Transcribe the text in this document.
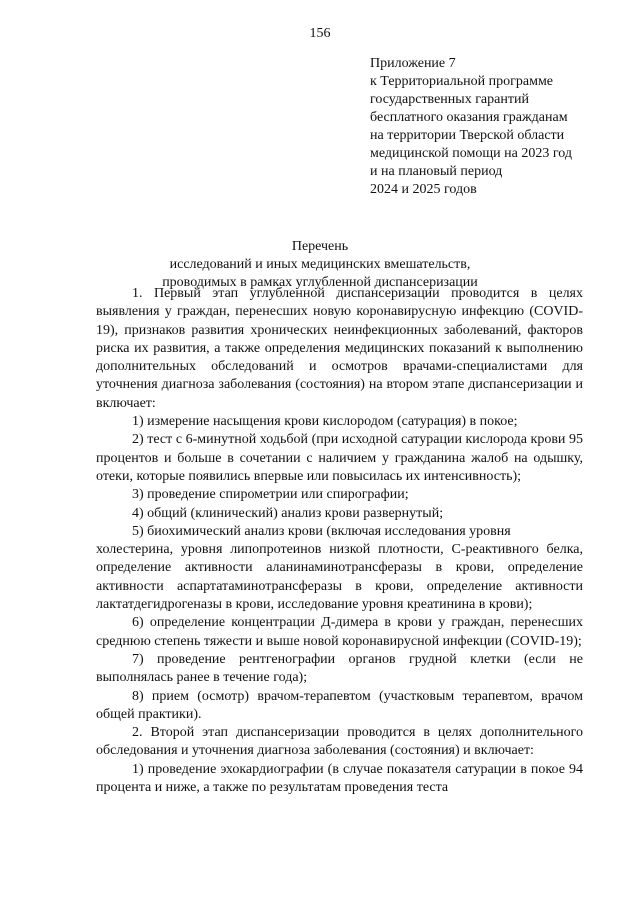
156
Приложение 7
к Территориальной программе
государственных гарантий
бесплатного оказания гражданам
на территории Тверской области
медицинской помощи на 2023 год
и на плановый период
2024 и 2025 годов
Перечень
исследований и иных медицинских вмешательств,
проводимых в рамках углубленной диспансеризации

1. Первый этап углубленной диспансеризации проводится в целях выявления у граждан, перенесших новую коронавирусную инфекцию (COVID-19), признаков развития хронических неинфекционных заболеваний, факторов риска их развития, а также определения медицинских показаний к выполнению дополнительных обследований и осмотров врачами-специалистами для уточнения диагноза заболевания (состояния) на втором этапе диспансеризации и включает:

1) измерение насыщения крови кислородом (сатурация) в покое;

2) тест с 6-минутной ходьбой (при исходной сатурации кислорода крови 95 процентов и больше в сочетании с наличием у гражданина жалоб на одышку, отеки, которые появились впервые или повысилась их интенсивность);

3) проведение спирометрии или спирографии;

4) общий (клинический) анализ крови развернутый;

5) биохимический анализ крови (включая исследования уровня

холестерина, уровня липопротеинов низкой плотности, С-реактивного белка, определение активности аланинаминотрансферазы в крови, определение активности аспартатаминотрансферазы в крови, определение активности лактатдегидрогеназы в крови, исследование уровня креатинина в крови);

6) определение концентрации Д-димера в крови у граждан, перенесших среднюю степень тяжести и выше новой коронавирусной инфекции (COVID-19);

7) проведение рентгенографии органов грудной клетки (если не выполнялась ранее в течение года);

8) прием (осмотр) врачом-терапевтом (участковым терапевтом, врачом общей практики).

2. Второй этап диспансеризации проводится в целях дополнительного обследования и уточнения диагноза заболевания (состояния) и включает:

1) проведение эхокардиографии (в случае показателя сатурации в покое 94 процента и ниже, а также по результатам проведения теста
